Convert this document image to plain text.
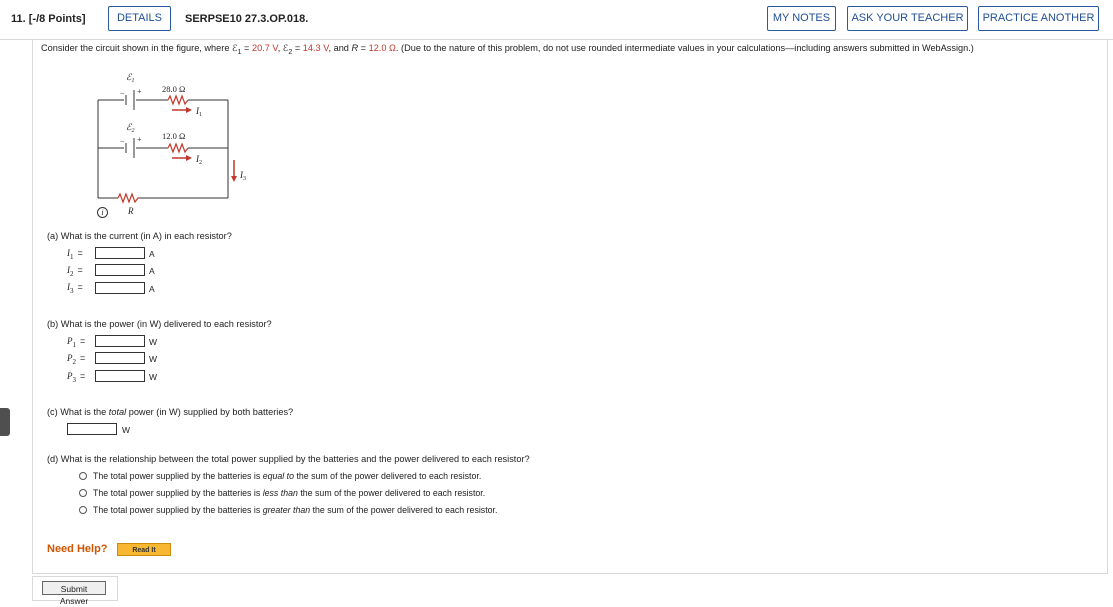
11. [-/8 Points]	DETAILS	SERPSE10 27.3.OP.018.	MY NOTES	ASK YOUR TEACHER	PRACTICE ANOTHER
Consider the circuit shown in the figure, where ℰ$_1$ = 20.7 V, ℰ$_2$ = 14.3 V, and R = 12.0 Ω. (Due to the nature of this problem, do not use rounded intermediate values in your calculations—including answers submitted in WebAssign.)
ℰ$_1$
ℰ$_2$
− +
− +
28.0 Ω
12.0 Ω
R
$I_1$
$I_2$
$I_3$
i
(a) What is the current (in A) in each resistor?
$I_1$ =	A
$I_2$ =	A
$I_3$ =	A
(b) What is the power (in W) delivered to each resistor?
$P_1$ =	W
$P_2$ =	W
$P_3$ =	W
(c) What is the total power (in W) supplied by both batteries?
W
(d) What is the relationship between the total power supplied by the batteries and the power delivered to each resistor?
The total power supplied by the batteries is equal to the sum of the power delivered to each resistor.
The total power supplied by the batteries is less than the sum of the power delivered to each resistor.
The total power supplied by the batteries is greater than the sum of the power delivered to each resistor.
Need Help?	Read It
Submit Answer
